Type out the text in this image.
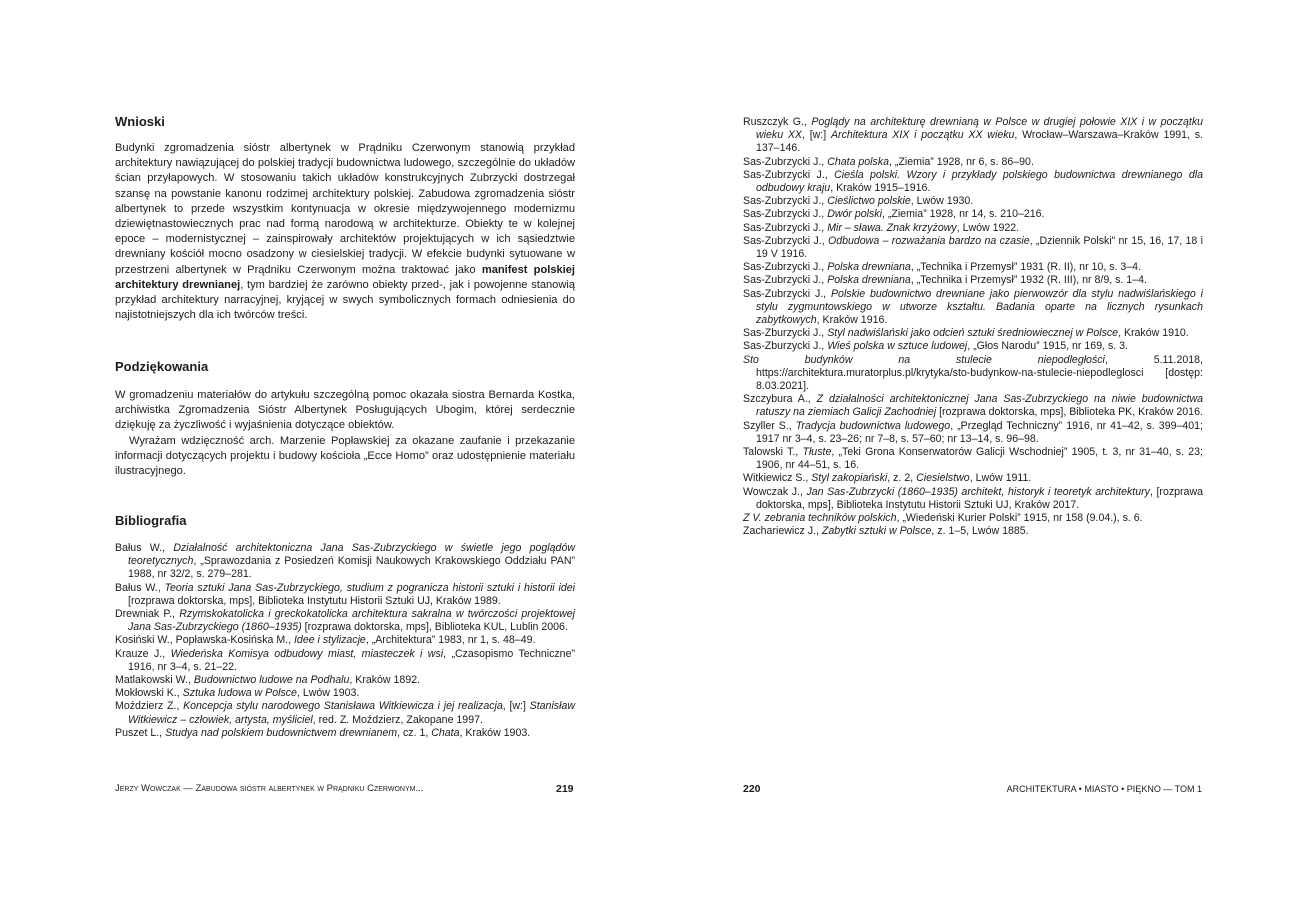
Wnioski

Budynki zgromadzenia sióstr albertynek w Prądniku Czerwonym stanowią przykład architektury nawiązującej do polskiej tradycji budownictwa ludowego, szczególnie do układów ścian przyłapowych. W stosowaniu takich układów konstrukcyjnych Zubrzycki dostrzegał szansę na powstanie kanonu rodzimej architektury polskiej. Zabudowa zgromadzenia sióstr albertynek to przede wszystkim kontynuacja w okresie międzywojennego modernizmu dziewiętnastowiecznych prac nad formą narodową w architekturze. Obiekty te w kolejnej epoce – modernistycznej – zainspirowały architektów projektujących w ich sąsiedztwie drewniany kościół mocno osadzony w ciesielskiej tradycji. W efekcie budynki sytuowane w przestrzeni albertynek w Prądniku Czerwonym można traktować jako manifest polskiej architektury drewnianej, tym bardziej że zarówno obiekty przed-, jak i powojenne stanowią przykład architektury narracyjnej, kryjącej w swych symbolicznych formach odniesienia do najistotniejszych dla ich twórców treści.

Podziękowania

W gromadzeniu materiałów do artykułu szczególną pomoc okazała siostra Bernarda Kostka, archiwistka Zgromadzenia Sióstr Albertynek Posługujących Ubogim, której serdecznie dziękuję za życzliwość i wyjaśnienia dotyczące obiektów.

Wyrażam wdzięczność arch. Marzenie Popławskiej za okazane zaufanie i przekazanie informacji dotyczących projektu i budowy kościoła „Ecce Homo” oraz udostępnienie materiału ilustracyjnego.

Bibliografia
Bałus W., Działalność architektoniczna Jana Sas-Zubrzyckiego w świetle jego poglądów teoretycznych, „Sprawozdania z Posiedzeń Komisji Naukowych Krakowskiego Oddziału PAN” 1988, nr 32/2, s. 279–281.
Bałus W., Teoria sztuki Jana Sas-Zubrzyckiego, studium z pogranicza historii sztuki i historii idei [rozprawa doktorska, mps], Biblioteka Instytutu Historii Sztuki UJ, Kraków 1989.
Drewniak P., Rzymskokatolicka i greckokatolicka architektura sakralna w twórczości projektowej Jana Sas-Zubrzyckiego (1860–1935) [rozprawa doktorska, mps], Biblioteka KUL, Lublin 2006.
Kosiński W., Popławska-Kosińska M., Idee i stylizacje, „Architektura” 1983, nr 1, s. 48–49.
Krauze J., Wiedeńska Komisya odbudowy miast, miasteczek i wsi, „Czasopismo Techniczne” 1916, nr 3–4, s. 21–22.
Matlakowski W., Budownictwo ludowe na Podhalu, Kraków 1892.
Mokłowski K., Sztuka ludowa w Polsce, Lwów 1903.
Moździerz Z., Koncepcja stylu narodowego Stanisława Witkiewicza i jej realizacja, [w:] Stanisław Witkiewicz – człowiek, artysta, myśliciel, red. Z. Moździerz, Zakopane 1997.
Puszet L., Studya nad polskiem budownictwem drewnianem, cz. 1, Chata, Kraków 1903.
Jerzy Wowczak — Zabudowa sióstr albertynek w Prądniku Czerwonym...	219
Ruszczyk G., Poglądy na architekturę drewnianą w Polsce w drugiej połowie XIX i w początku wieku XX, [w:] Architektura XIX i początku XX wieku, Wrocław–Warszawa–Kraków 1991, s. 137–146.
Sas-Zubrzycki J., Chata polska, „Ziemia” 1928, nr 6, s. 86–90.
Sas-Zubrzycki J., Cieśla polski. Wzory i przykłady polskiego budownictwa drewnianego dla odbudowy kraju, Kraków 1915–1916.
Sas-Zubrzycki J., Cieślictwo polskie, Lwów 1930.
Sas-Zubrzycki J., Dwór polski, „Ziemia” 1928, nr 14, s. 210–216.
Sas-Zubrzycki J., Mir – sława. Znak krzyżowy, Lwów 1922.
Sas-Zubrzycki J., Odbudowa – rozważania bardzo na czasie, „Dziennik Polski” nr 15, 16, 17, 18 i 19 V 1916.
Sas-Zubrzycki J., Polska drewniana, „Technika i Przemysł” 1931 (R. II), nr 10, s. 3–4.
Sas-Zubrzycki J., Polska drewniana, „Technika i Przemysł” 1932 (R. III), nr 8/9, s. 1–4.
Sas-Zubrzycki J., Polskie budownictwo drewniane jako pierwowzór dla stylu nadwiślańskiego i stylu zygmuntowskiego w utworze kształtu. Badania oparte na licznych rysunkach zabytkowych, Kraków 1916.
Sas-Zburzycki J., Styl nadwiślański jako odcień sztuki średniowiecznej w Polsce, Kraków 1910.
Sas-Zburzycki J., Wieś polska w sztuce ludowej, „Głos Narodu” 1915, nr 169, s. 3.
Sto budynków na stulecie niepodległości, 5.11.2018, https://architektura.muratorplus.pl/krytyka/sto-budynkow-na-stulecie-niepodleglosci [dostęp: 8.03.2021].
Szczybura A., Z działalności architektonicznej Jana Sas-Zubrzyckiego na niwie budownictwa ratuszy na ziemiach Galicji Zachodniej [rozprawa doktorska, mps], Biblioteka PK, Kraków 2016.
Szyller S., Tradycja budownictwa ludowego, „Przegląd Techniczny” 1916, nr 41–42, s. 399–401; 1917 nr 3–4, s. 23–26; nr 7–8, s. 57–60; nr 13–14, s. 96–98.
Talowski T., Tłuste, „Teki Grona Konserwatorów Galicji Wschodniej” 1905, t. 3, nr 31–40, s. 23; 1906, nr 44–51, s. 16.
Witkiewicz S., Styl zakopiański, z. 2, Ciesielstwo, Lwów 1911.
Wowczak J., Jan Sas-Zubrzycki (1860–1935) architekt, historyk i teoretyk architektury, [rozprawa doktorska, mps], Biblioteka Instytutu Historii Sztuki UJ, Kraków 2017.
Z V. zebrania techników polskich, „Wiedeński Kurier Polski” 1915, nr 158 (9.04.), s. 6.
Zachariewicz J., Zabytki sztuki w Polsce, z. 1–5, Lwów 1885.
220	ARCHITEKTURA • MIASTO • PIĘKNO — TOM 1
